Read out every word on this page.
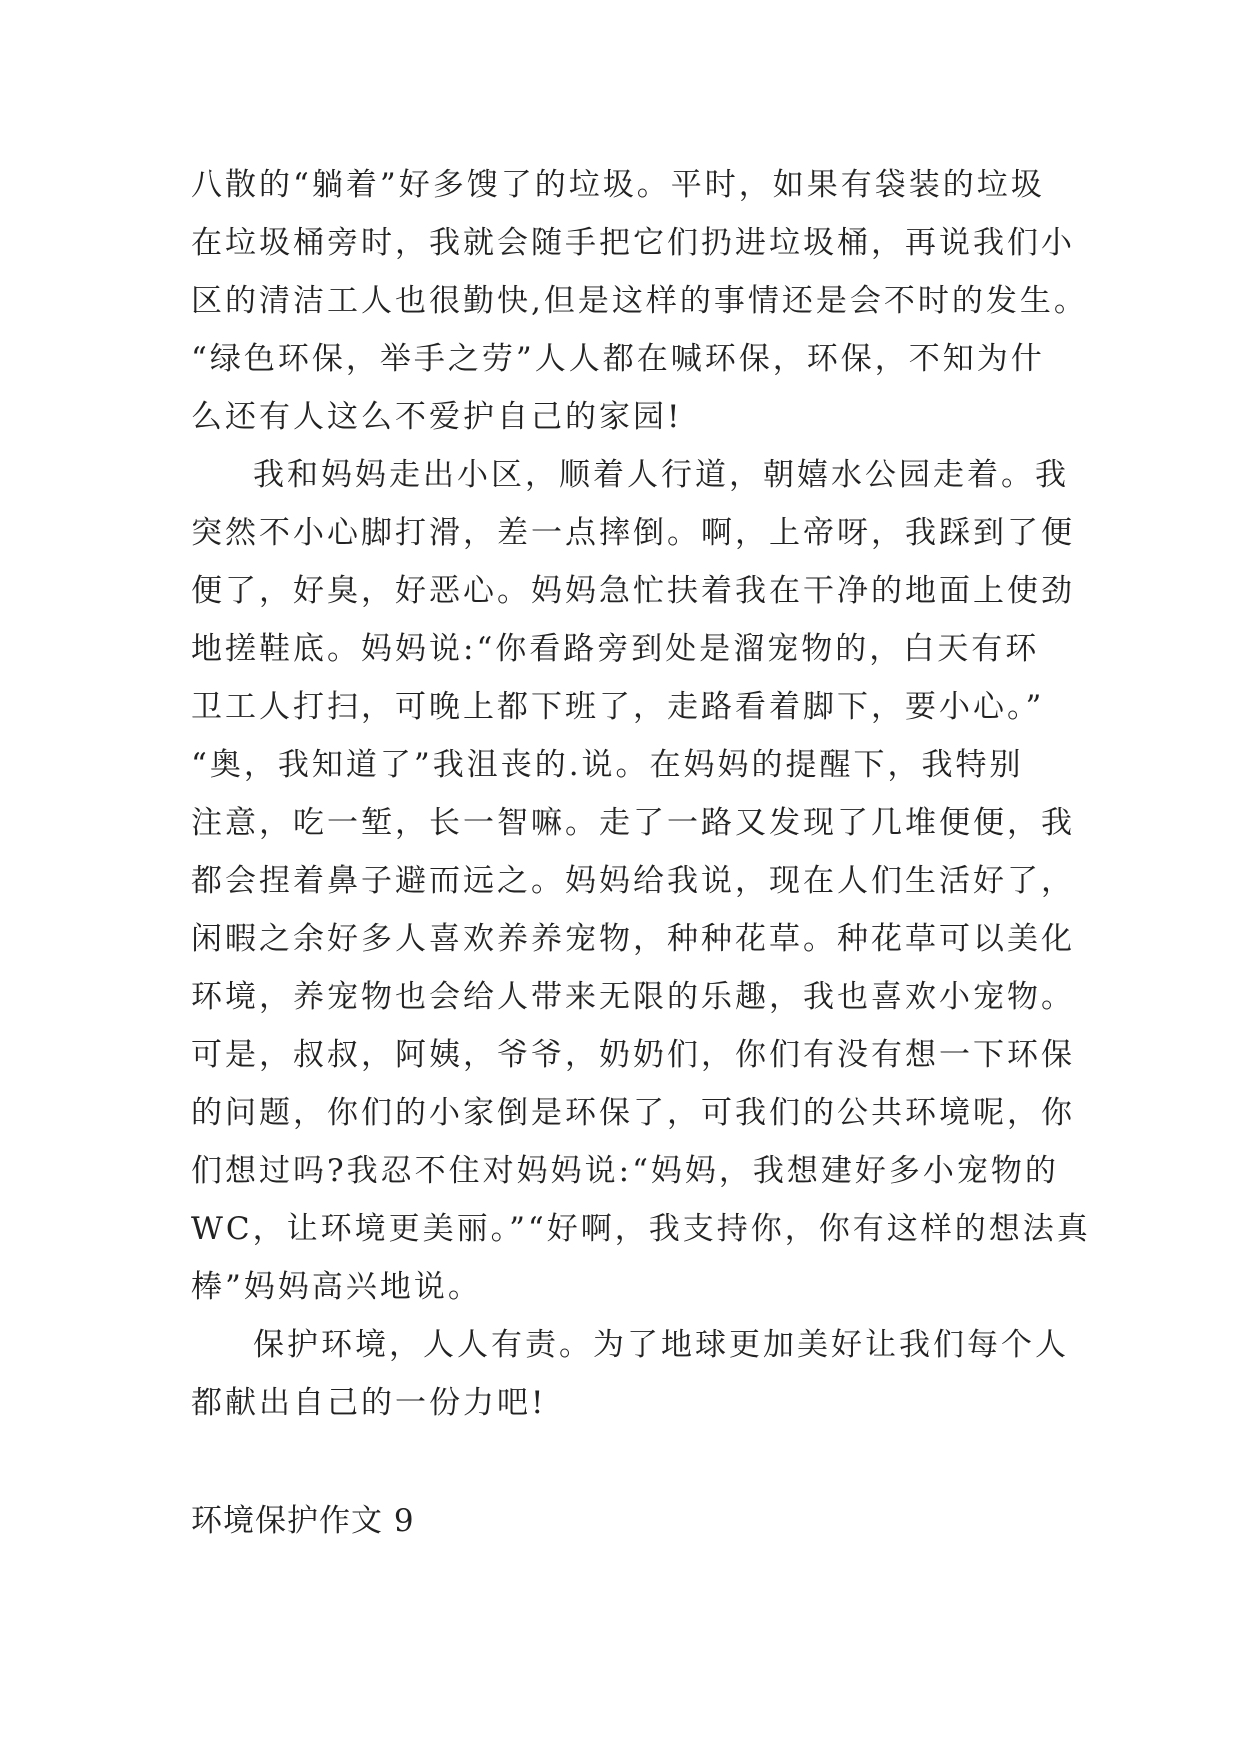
八散的“躺着”好多馊了的垃圾。平时，如果有袋装的垃圾
在垃圾桶旁时，我就会随手把它们扔进垃圾桶，再说我们小
区的清洁工人也很勤快,但是这样的事情还是会不时的发生。
“绿色环保，举手之劳”人人都在喊环保，环保，不知为什
么还有人这么不爱护自己的家园!
我和妈妈走出小区，顺着人行道，朝嬉水公园走着。我
突然不小心脚打滑，差一点摔倒。啊，上帝呀，我踩到了便
便了，好臭，好恶心。妈妈急忙扶着我在干净的地面上使劲
地搓鞋底。妈妈说:“你看路旁到处是溜宠物的，白天有环
卫工人打扫，可晚上都下班了，走路看着脚下，要小心。”
“奥，我知道了”我沮丧的.说。在妈妈的提醒下，我特别
注意，吃一堑，长一智嘛。走了一路又发现了几堆便便，我
都会捏着鼻子避而远之。妈妈给我说，现在人们生活好了，
闲暇之余好多人喜欢养养宠物，种种花草。种花草可以美化
环境，养宠物也会给人带来无限的乐趣，我也喜欢小宠物。
可是，叔叔，阿姨，爷爷，奶奶们，你们有没有想一下环保
的问题，你们的小家倒是环保了，可我们的公共环境呢，你
们想过吗?我忍不住对妈妈说:“妈妈，我想建好多小宠物的
WC，让环境更美丽。”“好啊，我支持你，你有这样的想法真
棒”妈妈高兴地说。
保护环境，人人有责。为了地球更加美好让我们每个人
都献出自己的一份力吧!
环境保护作文 9
